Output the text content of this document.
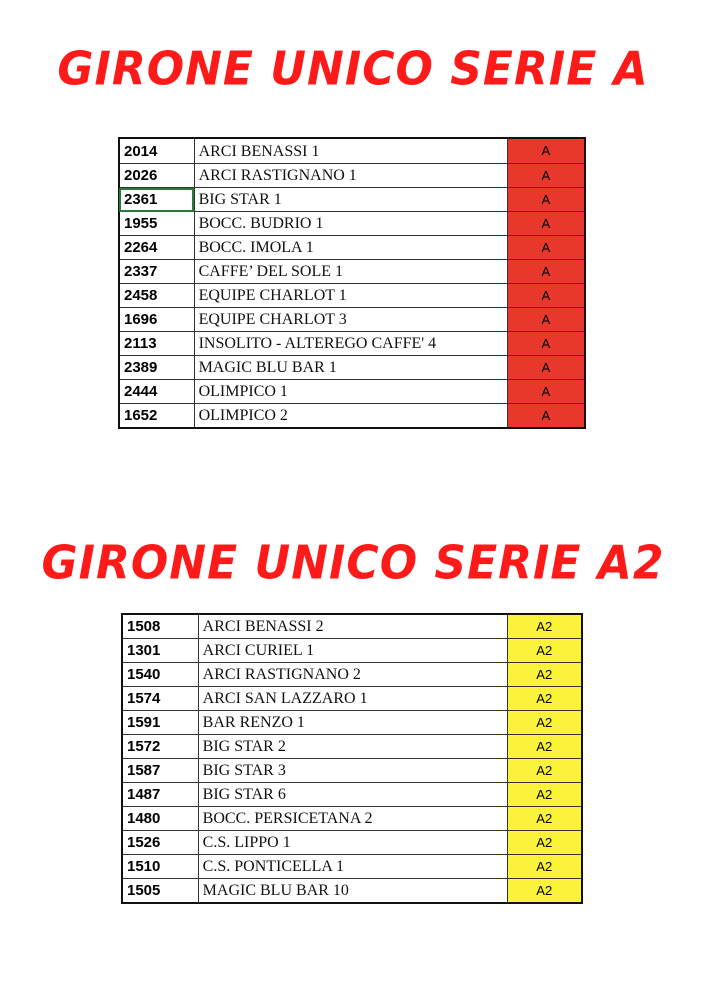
GIRONE UNICO SERIE A
2014	ARCI BENASSI 1	A
2026	ARCI RASTIGNANO 1	A
2361	BIG STAR 1	A
1955	BOCC. BUDRIO 1	A
2264	BOCC. IMOLA 1	A
2337	CAFFE’ DEL SOLE 1	A
2458	EQUIPE CHARLOT 1	A
1696	EQUIPE CHARLOT 3	A
2113	INSOLITO - ALTEREGO CAFFE' 4	A
2389	MAGIC BLU BAR 1	A
2444	OLIMPICO 1	A
1652	OLIMPICO 2	A
GIRONE UNICO SERIE A2
1508	ARCI BENASSI 2	A2
1301	ARCI CURIEL 1	A2
1540	ARCI RASTIGNANO 2	A2
1574	ARCI SAN LAZZARO 1	A2
1591	BAR RENZO 1	A2
1572	BIG STAR 2	A2
1587	BIG STAR 3	A2
1487	BIG STAR 6	A2
1480	BOCC. PERSICETANA 2	A2
1526	C.S. LIPPO 1	A2
1510	C.S. PONTICELLA 1	A2
1505	MAGIC BLU BAR 10	A2
